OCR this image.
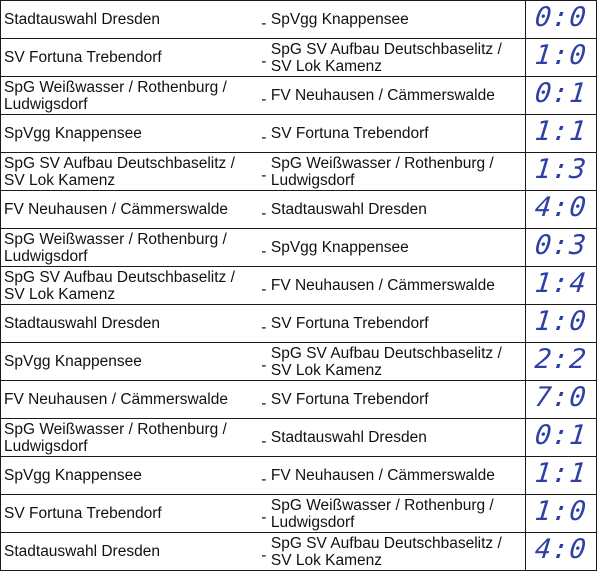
Stadtauswahl Dresden	-	SpVgg Knappensee	0:0
SV Fortuna Trebendorf	-	SpG SV Aufbau Deutschbaselitz / SV Lok Kamenz	1:0
SpG Weißwasser / Rothenburg / Ludwigsdorf	-	FV Neuhausen / Cämmerswalde	0:1
SpVgg Knappensee	-	SV Fortuna Trebendorf	1:1
SpG SV Aufbau Deutschbaselitz / SV Lok Kamenz	-	SpG Weißwasser / Rothenburg / Ludwigsdorf	1:3
FV Neuhausen / Cämmerswalde	-	Stadtauswahl Dresden	4:0
SpG Weißwasser / Rothenburg / Ludwigsdorf	-	SpVgg Knappensee	0:3
SpG SV Aufbau Deutschbaselitz / SV Lok Kamenz	-	FV Neuhausen / Cämmerswalde	1:4
Stadtauswahl Dresden	-	SV Fortuna Trebendorf	1:0
SpVgg Knappensee	-	SpG SV Aufbau Deutschbaselitz / SV Lok Kamenz	2:2
FV Neuhausen / Cämmerswalde	-	SV Fortuna Trebendorf	7:0
SpG Weißwasser / Rothenburg / Ludwigsdorf	-	Stadtauswahl Dresden	0:1
SpVgg Knappensee	-	FV Neuhausen / Cämmerswalde	1:1
SV Fortuna Trebendorf	-	SpG Weißwasser / Rothenburg / Ludwigsdorf	1:0
Stadtauswahl Dresden	-	SpG SV Aufbau Deutschbaselitz / SV Lok Kamenz	4:0
